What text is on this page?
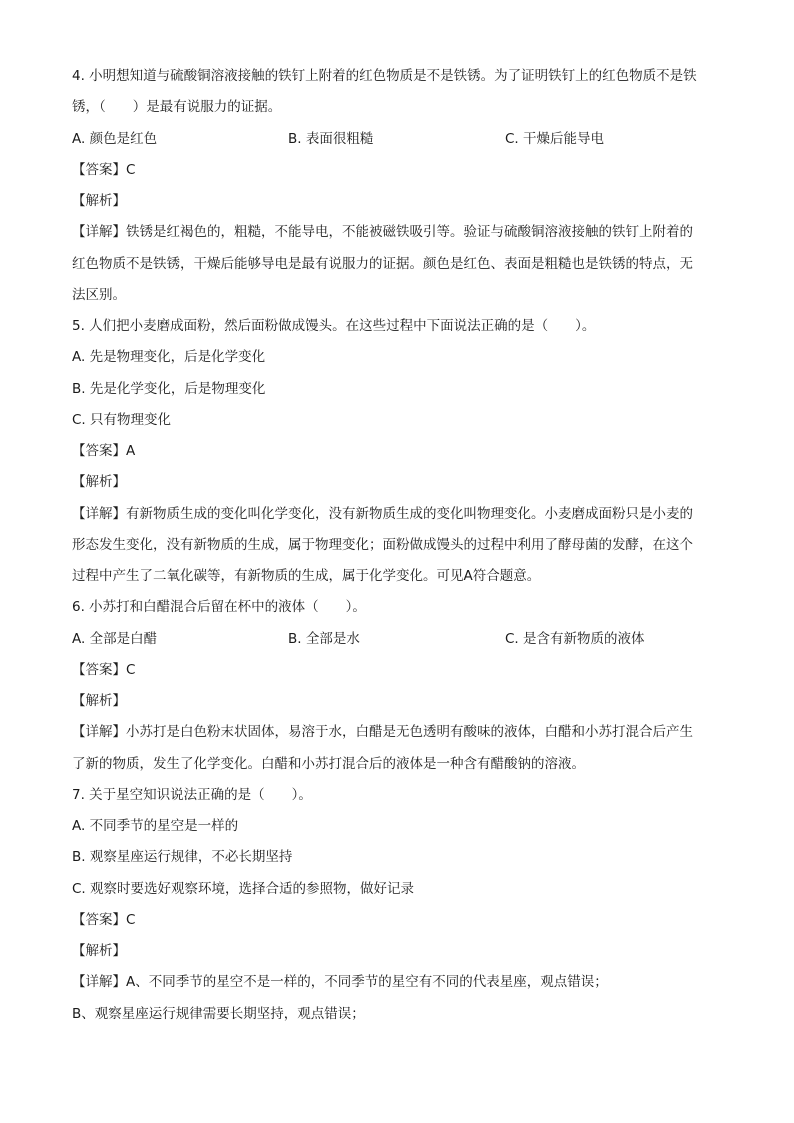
4. 小明想知道与硫酸铜溶液接触的铁钉上附着的红色物质是不是铁锈。为了证明铁钉上的红色物质不是铁
锈，（　　）是最有说服力的证据。
A. 颜色是红色	B. 表面很粗糙	C. 干燥后能导电
【答案】C
【解析】
【详解】铁锈是红褐色的，粗糙，不能导电，不能被磁铁吸引等。验证与硫酸铜溶液接触的铁钉上附着的
红色物质不是铁锈，干燥后能够导电是最有说服力的证据。颜色是红色、表面是粗糙也是铁锈的特点，无
法区别。
5. 人们把小麦磨成面粉，然后面粉做成馒头。在这些过程中下面说法正确的是（　　）。
A. 先是物理变化，后是化学变化
B. 先是化学变化，后是物理变化
C. 只有物理变化
【答案】A
【解析】
【详解】有新物质生成的变化叫化学变化，没有新物质生成的变化叫物理变化。小麦磨成面粉只是小麦的
形态发生变化，没有新物质的生成，属于物理变化；面粉做成馒头的过程中利用了酵母菌的发酵，在这个
过程中产生了二氧化碳等，有新物质的生成，属于化学变化。可见A符合题意。
6. 小苏打和白醋混合后留在杯中的液体（　　）。
A. 全部是白醋	B. 全部是水	C. 是含有新物质的液体
【答案】C
【解析】
【详解】小苏打是白色粉末状固体，易溶于水，白醋是无色透明有酸味的液体，白醋和小苏打混合后产生
了新的物质，发生了化学变化。白醋和小苏打混合后的液体是一种含有醋酸钠的溶液。
7. 关于星空知识说法正确的是（　　）。
A. 不同季节的星空是一样的
B. 观察星座运行规律，不必长期坚持
C. 观察时要选好观察环境，选择合适的参照物，做好记录
【答案】C
【解析】
【详解】A、不同季节的星空不是一样的，不同季节的星空有不同的代表星座，观点错误；
B、观察星座运行规律需要长期坚持，观点错误；
